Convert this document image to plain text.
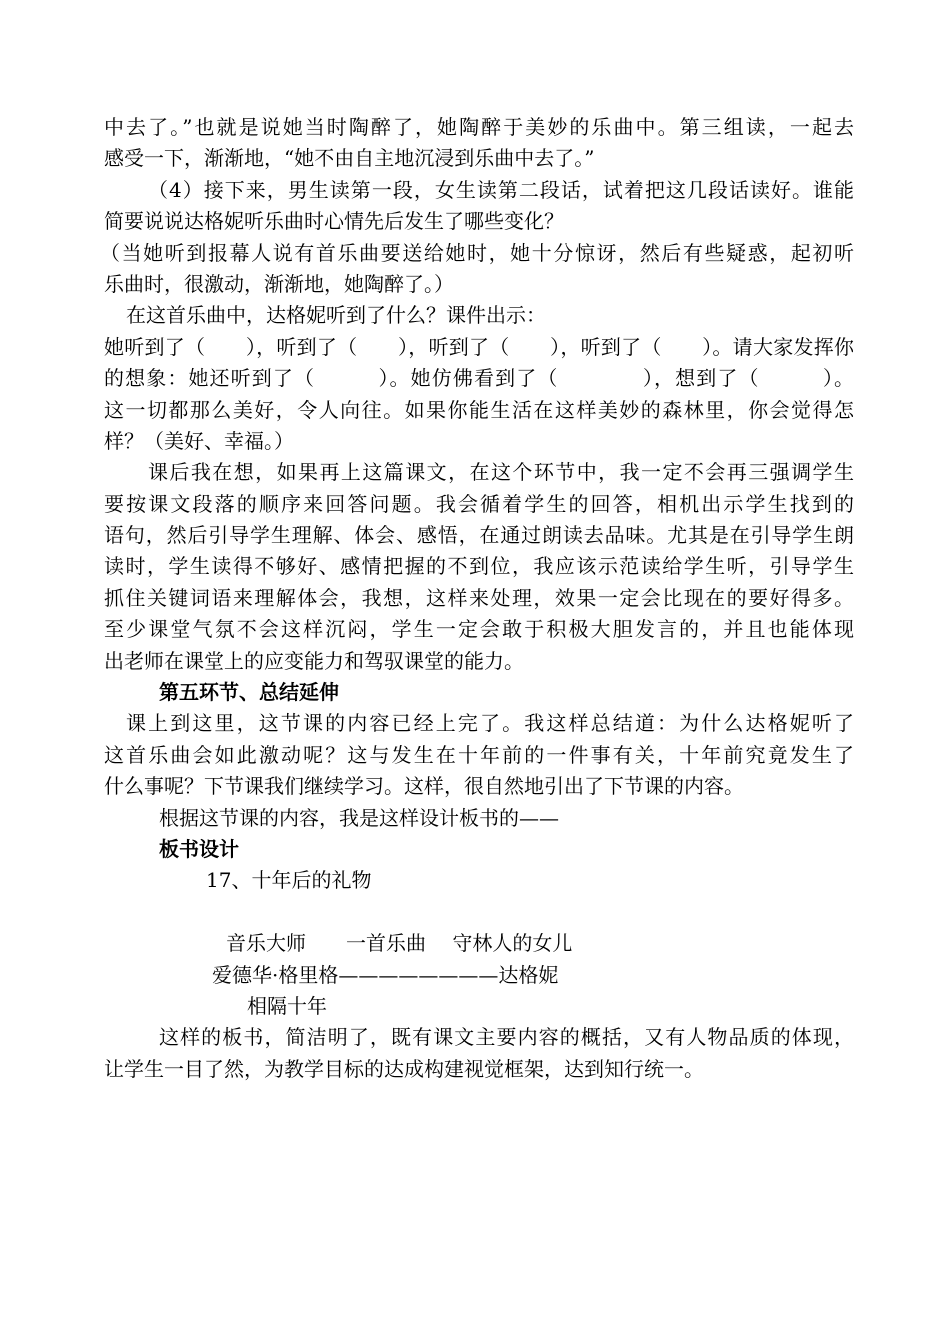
中去了。”也就是说她当时陶醉了，她陶醉于美妙的乐曲中。第三组读，一起去

感受一下，渐渐地，“她不由自主地沉浸到乐曲中去了。”

（4）接下来，男生读第一段，女生读第二段话，试着把这几段话读好。谁能

简要说说达格妮听乐曲时心情先后发生了哪些变化？

（当她听到报幕人说有首乐曲要送给她时，她十分惊讶，然后有些疑惑，起初听

乐曲时，很激动，渐渐地，她陶醉了。）

在这首乐曲中，达格妮听到了什么？课件出示：

她听到了（　　），听到了（　　），听到了（　　），听到了（　　）。请大家发挥你

的想象：她还听到了（　　　）。她仿佛看到了（　　　　），想到了（　　　）。

这一切都那么美好，令人向往。如果你能生活在这样美妙的森林里，你会觉得怎

样？（美好、幸福。）

课后我在想，如果再上这篇课文，在这个环节中，我一定不会再三强调学生

要按课文段落的顺序来回答问题。我会循着学生的回答，相机出示学生找到的

语句，然后引导学生理解、体会、感悟，在通过朗读去品味。尤其是在引导学生朗

读时，学生读得不够好、感情把握的不到位，我应该示范读给学生听，引导学生

抓住关键词语来理解体会，我想，这样来处理，效果一定会比现在的要好得多。

至少课堂气氛不会这样沉闷，学生一定会敢于积极大胆发言的，并且也能体现

出老师在课堂上的应变能力和驾驭课堂的能力。

第五环节、总结延伸

课上到这里，这节课的内容已经上完了。我这样总结道：为什么达格妮听了

这首乐曲会如此激动呢？这与发生在十年前的一件事有关，十年前究竟发生了

什么事呢？下节课我们继续学习。这样，很自然地引出了下节课的内容。

根据这节课的内容，我是这样设计板书的——

板书设计

17、十年后的礼物

音乐大师　　一首乐曲　 守林人的女儿

爱德华·格里格————————达格妮

相隔十年

这样的板书，简洁明了，既有课文主要内容的概括，又有人物品质的体现，

让学生一目了然，为教学目标的达成构建视觉框架，达到知行统一。
